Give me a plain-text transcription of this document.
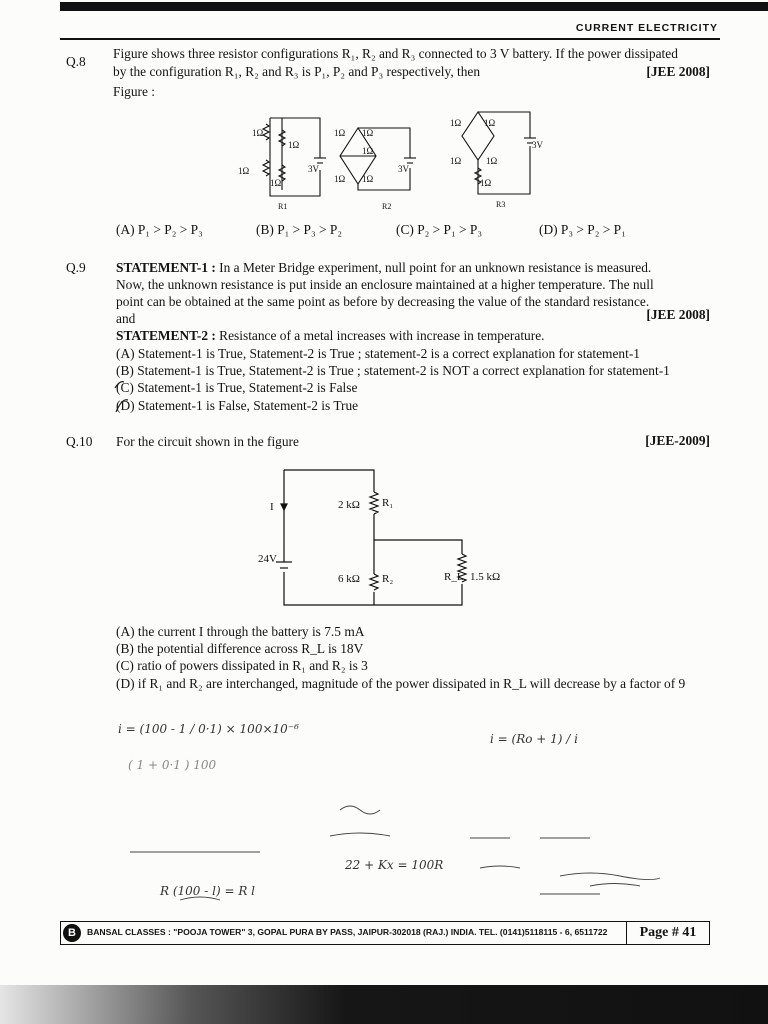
CURRENT ELECTRICITY
Q.8
Figure shows three resistor configurations R₁, R₂ and R₃ connected to 3 V battery. If the power dissipated
by the configuration R₁, R₂ and R₃ is P₁, P₂ and P₃ respectively, then	[JEE 2008]
Figure :
1Ω
1Ω
1Ω
1Ω
3V
R1
1Ω 1Ω
1Ω
1Ω 1Ω
3V
R2
1Ω	1Ω
1Ω	1Ω
1Ω
3V
R3
(A) P₁ > P₂ > P₃	(B) P₁ > P₃ > P₂	(C) P₂ > P₁ > P₃	(D) P₃ > P₂ > P₁
Q.9 STATEMENT-1 : In a Meter Bridge experiment, null point for an unknown resistance is measured.
Now, the unknown resistance is put inside an enclosure maintained at a higher temperature. The null
point can be obtained at the same point as before by decreasing the value of the standard resistance.
and	[JEE 2008]
STATEMENT-2 : Resistance of a metal increases with increase in temperature.
(A) Statement-1 is True, Statement-2 is True ; statement-2 is a correct explanation for statement-1
(B) Statement-1 is True, Statement-2 is True ; statement-2 is NOT a correct explanation for statement-1
(C) Statement-1 is True, Statement-2 is False
(D) Statement-1 is False, Statement-2 is True
Q.10 For the circuit shown in the figure	[JEE-2009]
I
24V
2 kΩ R₁
6 kΩ R₂	R_L 1.5 kΩ
(A) the current I through the battery is 7.5 mA
(B) the potential difference across R_L is 18V
(C) ratio of powers dissipated in R₁ and R₂ is 3
(D) if R₁ and R₂ are interchanged, magnitude of the power dissipated in R_L will decrease by a factor of 9
i = (100 - 1 / 0·1) × 100×10⁻⁶
i = (Ro + 1) / i
( 1 + 0·1 ) 100
22 + Kx = 100R
R (100 - l) = R l
B	BANSAL CLASSES : "POOJA TOWER" 3, GOPAL PURA BY PASS, JAIPUR-302018 (RAJ.) INDIA. TEL. (0141)5118115 - 6, 6511722	Page # 41
